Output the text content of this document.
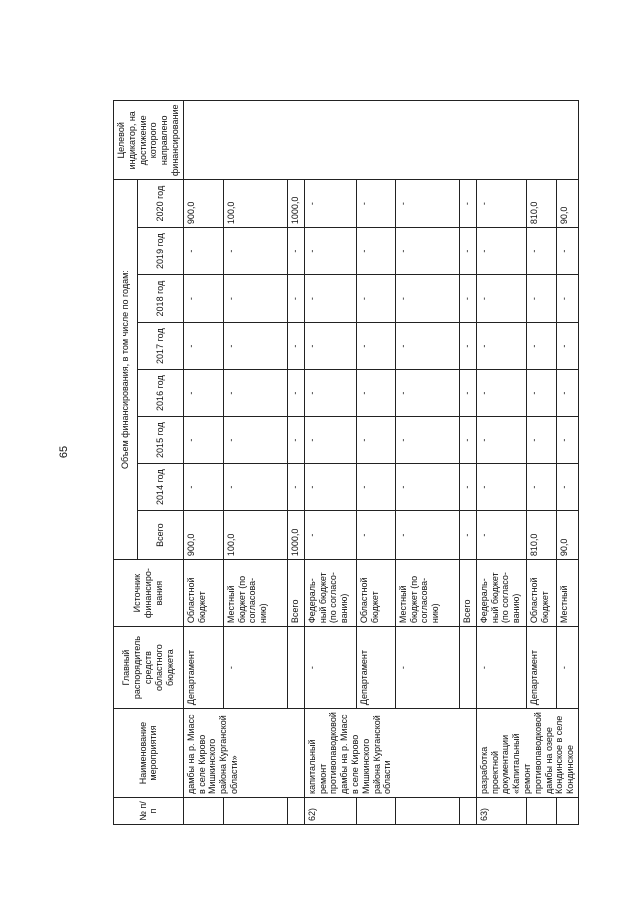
65
№ п/п	Наименование мероприятия	Главный распорядитель средств областного бюджета	Источник финансиро-вания	Объем финансирования, в том числе по годам:								Целевой индикатор, на достижение которого направлено финансирование
				Всего	2014 год	2015 год	2016 год	2017 год	2018 год	2019 год	2020 год	
	дамбы на р. Миасс в селе Кирово Мишкинского района Курганской области»	Департамент	Областной бюджет	900,0	-	-	-	-	-	-	900,0	
		-	Местный бюджет (по согласова-нию)	100,0	-	-	-	-	-	-	100,0	
			Всего	1000,0	-	-	-	-	-	-	1000,0	
62)	капитальный ремонт противопаводковой дамбы на р. Миасс в селе Кирово Мишкинского района Курганской области	-	Федераль-ный бюджет (по согласо-ванию)	-	-	-	-	-	-	-	-	
		Департамент	Областной бюджет	-	-	-	-	-	-	-	-	
		-	Местный бюджет (по согласова-нию)	-	-	-	-	-	-	-	-	
			Всего	-	-	-	-	-	-	-	-	
63)	разработка проектной документации «Капитальный ремонт противопаводковой дамбы на озере Кондинское в селе Кондинское	-	Федераль-ный бюджет (по согласо-ванию)	-	-	-	-	-	-	-	-	
		Департамент	Областной бюджет	810,0	-	-	-	-	-	-	810,0	
		-	Местный	90,0	-	-	-	-	-	-	90,0	
